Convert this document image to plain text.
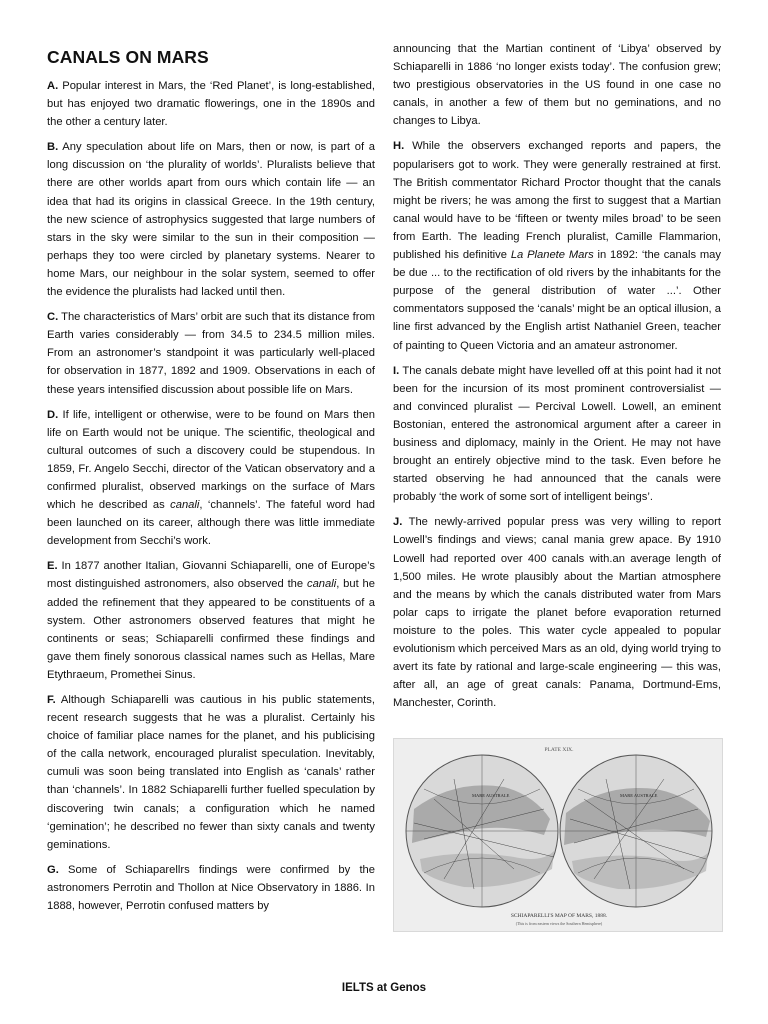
CANALS ON MARS

A. Popular interest in Mars, the ‘Red Planet’, is long-established, but has enjoyed two dramatic flowerings, one in the 1890s and the other a century later.

B. Any speculation about life on Mars, then or now, is part of a long discussion on ‘the plurality of worlds’. Pluralists believe that there are other worlds apart from ours which contain life — an idea that had its origins in classical Greece. In the 19th century, the new science of astrophysics suggested that large numbers of stars in the sky were similar to the sun in their composition — perhaps they too were circled by planetary systems. Nearer to home Mars, our neighbour in the solar system, seemed to offer the evidence the pluralists had lacked until then.

C. The characteristics of Mars’ orbit are such that its distance from Earth varies considerably — from 34.5 to 234.5 million miles. From an astronomer’s standpoint it was particularly well-placed for observation in 1877, 1892 and 1909. Observations in each of these years intensified discussion about possible life on Mars.

D. If life, intelligent or otherwise, were to be found on Mars then life on Earth would not be unique. The scientific, theological and cultural outcomes of such a discovery could be stupendous. In 1859, Fr. Angelo Secchi, director of the Vatican observatory and a confirmed pluralist, observed markings on the surface of Mars which he described as canali, ‘channels’. The fateful word had been launched on its career, although there was little immediate development from Secchi’s work.

E. In 1877 another Italian, Giovanni Schiaparelli, one of Europe’s most distinguished astronomers, also observed the canali, but he added the refinement that they appeared to be constituents of a system. Other astronomers observed features that might he continents or seas; Schiaparelli confirmed these findings and gave them finely sonorous classical names such as Hellas, Mare Etythraeum, Promethei Sinus.

F. Although Schiaparelli was cautious in his public statements, recent research suggests that he was a pluralist. Certainly his choice of familiar place names for the planet, and his publicising of the calla network, encouraged pluralist speculation. Inevitably, cumuli was soon being translated into English as ‘canals’ rather than ‘channels’. In 1882 Schiaparelli further fuelled speculation by discovering twin canals; a configuration which he named ‘gemination’; he described no fewer than sixty canals and twenty geminations.

G. Some of Schiaparellrs findings were confirmed by the astronomers Perrotin and Thollon at Nice Observatory in 1886. In 1888, however, Perrotin confused matters by

announcing that the Martian continent of ‘Libya’ observed by Schiaparelli in 1886 ‘no longer exists today’. The confusion grew; two prestigious observatories in the US found in one case no canals, in another a few of them but no geminations, and no changes to Libya.

H. While the observers exchanged reports and papers, the popularisers got to work. They were generally restrained at first. The British commentator Richard Proctor thought that the canals might be rivers; he was among the first to suggest that a Martian canal would have to be ‘fifteen or twenty miles broad’ to be seen from Earth. The leading French pluralist, Camille Flammarion, published his definitive La Planete Mars in 1892: ‘the canals may be due ... to the rectification of old rivers by the inhabitants for the purpose of the general distribution of water ...’. Other commentators supposed the ‘canals’ might be an optical illusion, a line first advanced by the English artist Nathaniel Green, teacher of painting to Queen Victoria and an amateur astronomer.

I. The canals debate might have levelled off at this point had it not been for the incursion of its most prominent controversialist — and convinced pluralist — Percival Lowell. Lowell, an eminent Bostonian, entered the astronomical argument after a career in business and diplomacy, mainly in the Orient. He may not have brought an entirely objective mind to the task. Even before he started observing he had announced that the canals were probably ‘the work of some sort of intelligent beings’.

J. The newly-arrived popular press was very willing to report Lowell’s findings and views; canal mania grew apace. By 1910 Lowell had reported over 400 canals with.an average length of 1,500 miles. He wrote plausibly about the Martian atmosphere and the means by which the canals distributed water from Mars polar caps to irrigate the planet before evaporation returned moisture to the poles. This water cycle appealed to popular evolutionism which perceived Mars as an old, dying world trying to avert its fate by rational and large-scale engineering — this was, after all, an age of great canals: Panama, Dortmund-Ems, Manchester, Corinth.

PLATE XIX.
MARE AUSTRALE	MARE AUSTRALE
SCHIAPARELLI'S MAP OF MARS, 1888.
(This is from eastern views the Southern Hemisphere)
IELTS at Genos
